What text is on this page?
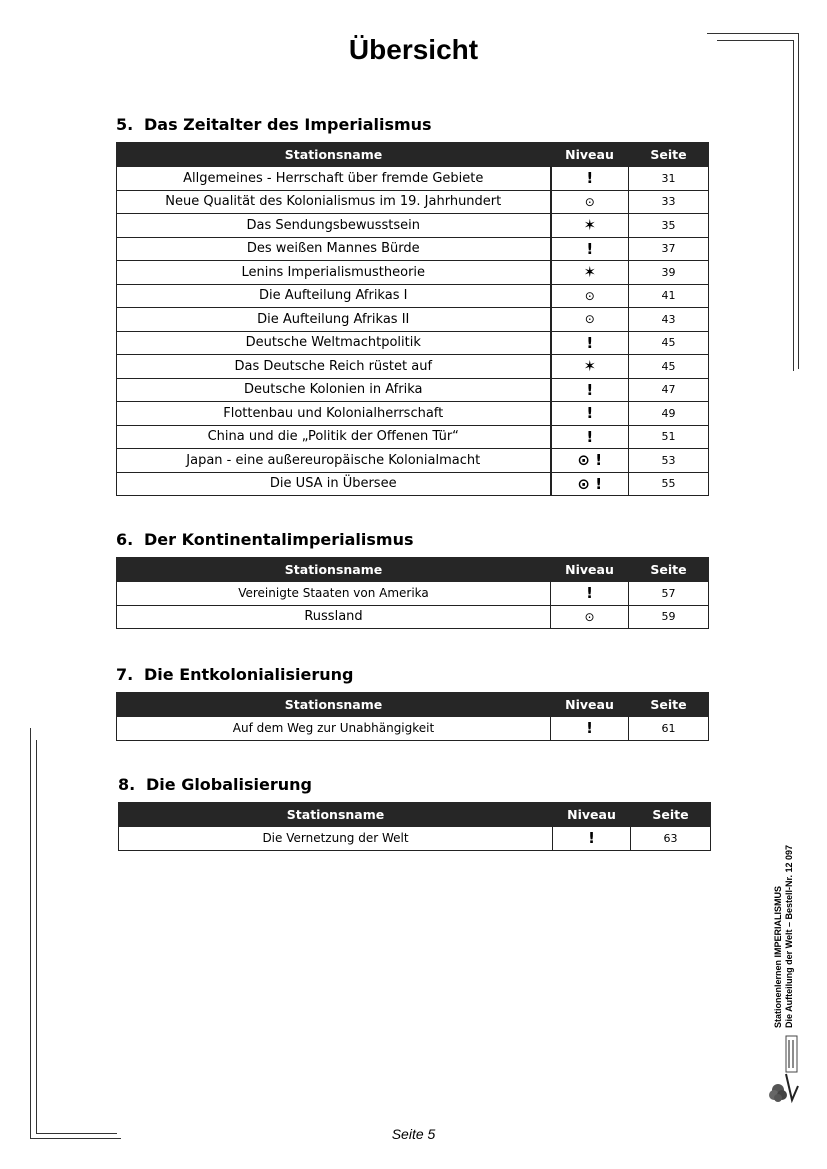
Übersicht
5. Das Zeitalter des Imperialismus
Stationsname	Niveau	Seite
Allgemeines - Herrschaft über fremde Gebiete	!	31
Neue Qualität des Kolonialismus im 19. Jahrhundert	⊙	33
Das Sendungsbewusstsein	✶	35
Des weißen Mannes Bürde	!	37
Lenins Imperialismustheorie	✶	39
Die Aufteilung Afrikas I	⊙	41
Die Aufteilung Afrikas II	⊙	43
Deutsche Weltmachtpolitik	!	45
Das Deutsche Reich rüstet auf	✶	45
Deutsche Kolonien in Afrika	!	47
Flottenbau und Kolonialherrschaft	!	49
China und die „Politik der Offenen Tür“	!	51
Japan - eine außereuropäische Kolonialmacht	⊙ !	53
Die USA in Übersee	⊙ !	55
6. Der Kontinentalimperialismus
Stationsname	Niveau	Seite
Vereinigte Staaten von Amerika	!	57
Russland	⊙	59
7. Die Entkolonialisierung
Stationsname	Niveau	Seite
Auf dem Weg zur Unabhängigkeit	!	61
8. Die Globalisierung
Stationsname	Niveau	Seite
Die Vernetzung der Welt	!	63
Stationenlernen IMPERIALISMUS Die Aufteilung der Welt – Bestell-Nr. 12 097
Seite 5
